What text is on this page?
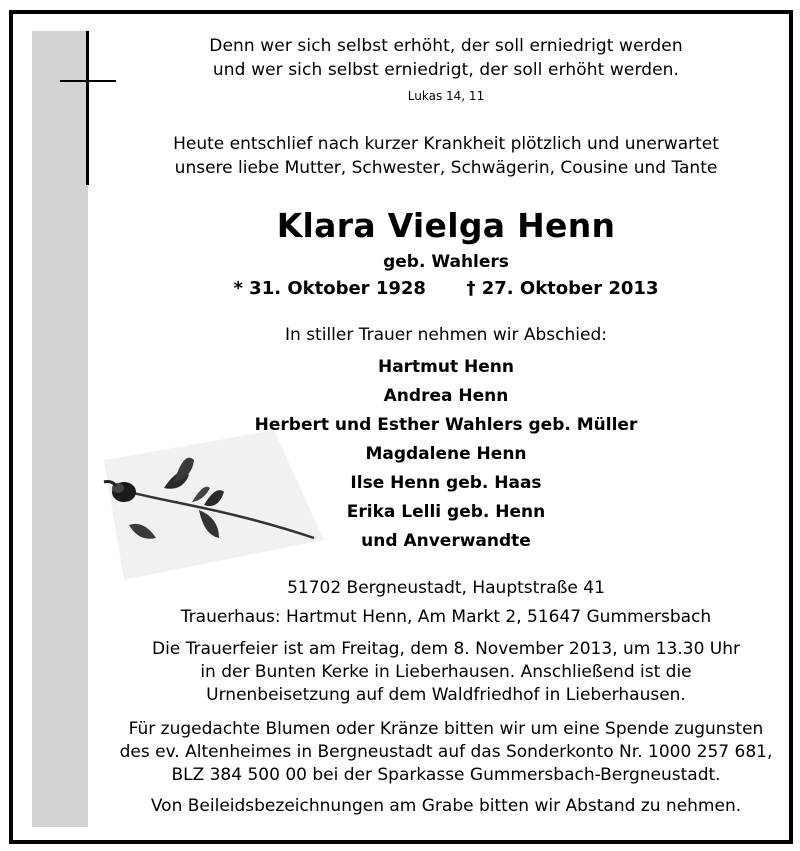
Denn wer sich selbst erhöht, der soll erniedrigt werden
und wer sich selbst erniedrigt, der soll erhöht werden.
Lukas 14, 11
Heute entschlief nach kurzer Krankheit plötzlich und unerwartet
unsere liebe Mutter, Schwester, Schwägerin, Cousine und Tante
Klara Vielga Henn
geb. Wahlers
* 31. Oktober 1928 † 27. Oktober 2013
In stiller Trauer nehmen wir Abschied:
Hartmut Henn
Andrea Henn
Herbert und Esther Wahlers geb. Müller
Magdalene Henn
Ilse Henn geb. Haas
Erika Lelli geb. Henn
und Anverwandte
51702 Bergneustadt, Hauptstraße 41
Trauerhaus: Hartmut Henn, Am Markt 2, 51647 Gummersbach
Die Trauerfeier ist am Freitag, dem 8. November 2013, um 13.30 Uhr
in der Bunten Kerke in Lieberhausen. Anschließend ist die
Urnenbeisetzung auf dem Waldfriedhof in Lieberhausen.
Für zugedachte Blumen oder Kränze bitten wir um eine Spende zugunsten
des ev. Altenheimes in Bergneustadt auf das Sonderkonto Nr. 1000 257 681,
BLZ 384 500 00 bei der Sparkasse Gummersbach-Bergneustadt.
Von Beileidsbezeichnungen am Grabe bitten wir Abstand zu nehmen.
